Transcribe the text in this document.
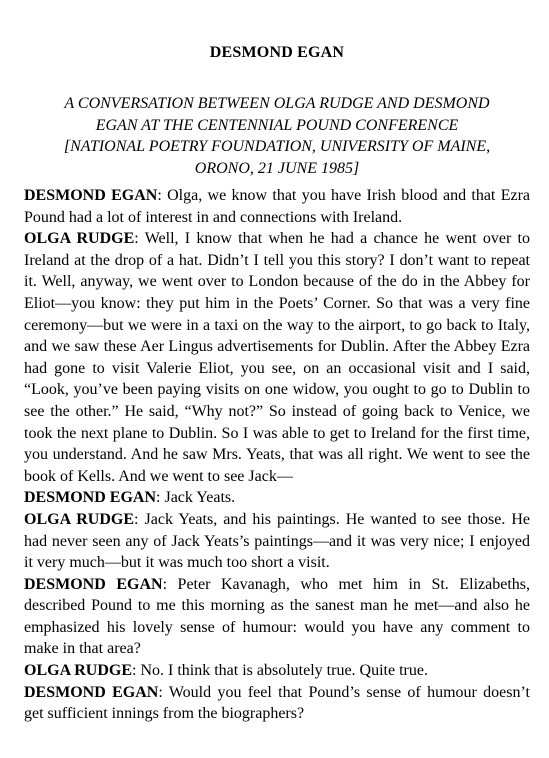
DESMOND EGAN
A CONVERSATION BETWEEN OLGA RUDGE AND DESMOND
EGAN AT THE CENTENNIAL POUND CONFERENCE
[NATIONAL POETRY FOUNDATION, UNIVERSITY OF MAINE,
ORONO, 21 JUNE 1985]

DESMOND EGAN: Olga, we know that you have Irish blood and that Ezra Pound had a lot of interest in and connections with Ireland.

OLGA RUDGE: Well, I know that when he had a chance he went over to Ireland at the drop of a hat. Didn’t I tell you this story? I don’t want to repeat it. Well, anyway, we went over to London because of the do in the Abbey for Eliot—you know: they put him in the Poets’ Corner. So that was a very fine ceremony—but we were in a taxi on the way to the airport, to go back to Italy, and we saw these Aer Lingus advertisements for Dublin. After the Abbey Ezra had gone to visit Valerie Eliot, you see, on an occasional visit and I said, “Look, you’ve been paying visits on one widow, you ought to go to Dublin to see the other.” He said, “Why not?” So instead of going back to Venice, we took the next plane to Dublin. So I was able to get to Ireland for the first time, you understand. And he saw Mrs. Yeats, that was all right. We went to see the book of Kells. And we went to see Jack—

DESMOND EGAN: Jack Yeats.

OLGA RUDGE: Jack Yeats, and his paintings. He wanted to see those. He had never seen any of Jack Yeats’s paintings—and it was very nice; I enjoyed it very much—but it was much too short a visit.

DESMOND EGAN: Peter Kavanagh, who met him in St. Elizabeths, described Pound to me this morning as the sanest man he met—and also he emphasized his lovely sense of humour: would you have any comment to make in that area?

OLGA RUDGE: No. I think that is absolutely true. Quite true.

DESMOND EGAN: Would you feel that Pound’s sense of humour doesn’t get sufficient innings from the biographers?
